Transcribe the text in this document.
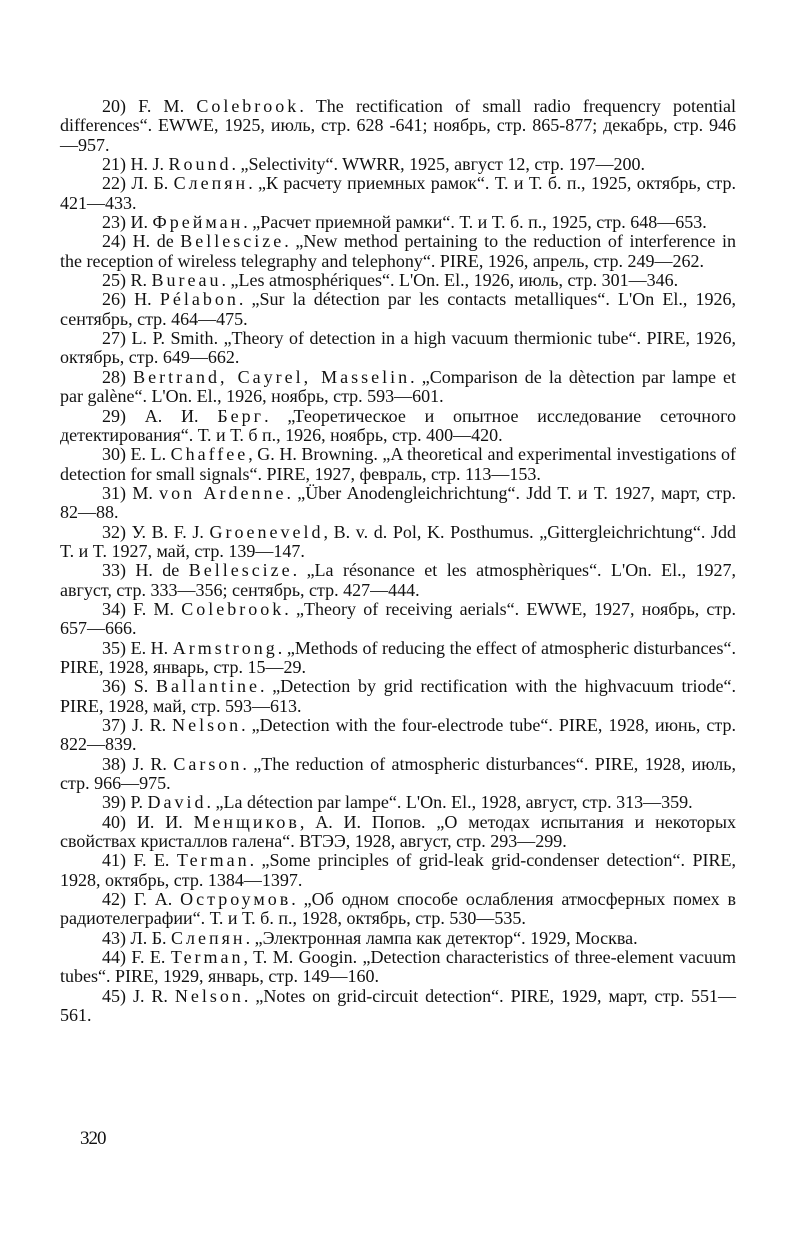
20) F. M. Colebrook. The rectification of small radio frequencry potential differences“. EWWE, 1925, июль, стр. 628 -641; ноябрь, стр. 865-877; декабрь, стр. 946—957.

21) H. J. Round. „Selectivity“. WWRR, 1925, август 12, стр. 197—200.

22) Л. Б. Слепян. „К расчету приемных рамок“. Т. и Т. б. п., 1925, октябрь, стр. 421—433.

23) И. Фрейман. „Расчет приемной рамки“. Т. и Т. б. п., 1925, стр. 648—653.

24) H. de Bellescize. „New method pertaining to the reduction of interference in the reception of wireless telegraphy and telephony“. PIRE, 1926, апрель, стр. 249—262.

25) R. Bureau. „Les atmosphériques“. L'On. El., 1926, июль, стр. 301—346.

26) H. Pélabon. „Sur la détection par les contacts metalliques“. L'On El., 1926, сентябрь, стр. 464—475.

27) L. P. Smith. „Theory of detection in a high vacuum thermionic tube“. PIRE, 1926, октябрь, стр. 649—662.

28) Bertrand, Cayrel, Masselin. „Comparison de la dètection par lampe et par galène“. L'On. El., 1926, ноябрь, стр. 593—601.

29) А. И. Берг. „Теоретическое и опытное исследование сеточного детектирования“. Т. и Т. б п., 1926, ноябрь, стр. 400—420.

30) E. L. Chaffee, G. H. Browning. „A theoretical and experimental investigations of detection for small signals“. PIRE, 1927, февраль, стр. 113—153.

31) M. von Ardenne. „Über Anodengleichrichtung“. Jdd T. и T. 1927, март, стр. 82—88.

32) У. B. F. J. Groeneveld, B. v. d. Pol, K. Posthumus. „Gittergleichrichtung“. Jdd T. и T. 1927, май, стр. 139—147.

33) H. de Bellescize. „La résonance et les atmosphèriques“. L'On. El., 1927, август, стр. 333—356; сентябрь, стр. 427—444.

34) F. M. Colebrook. „Theory of receiving aerials“. EWWE, 1927, ноябрь, стр. 657—666.

35) E. H. Armstrong. „Methods of reducing the effect of atmospheric disturbances“. PIRE, 1928, январь, стр. 15—29.

36) S. Ballantine. „Detection by grid rectification with the highvacuum triode“. PIRE, 1928, май, стр. 593—613.

37) J. R. Nelson. „Detection with the four-electrode tube“. PIRE, 1928, июнь, стр. 822—839.

38) J. R. Carson. „The reduction of atmospheric disturbances“. PIRE, 1928, июль, стр. 966—975.

39) P. David. „La détection par lampe“. L'On. El., 1928, август, стр. 313—359.

40) И. И. Менщиков, А. И. Попов. „О методах испытания и некоторых свойствах кристаллов галена“. ВТЭЭ, 1928, август, стр. 293—299.

41) F. E. Terman. „Some principles of grid-leak grid-condenser detection“. PIRE, 1928, октябрь, стр. 1384—1397.

42) Г. А. Остроумов. „Об одном способе ослабления атмосферных помех в радиотелеграфии“. Т. и Т. б. п., 1928, октябрь, стр. 530—535.

43) Л. Б. Слепян. „Электронная лампа как детектор“. 1929, Москва.

44) F. E. Terman, T. M. Googin. „Detection characteristics of three-element vacuum tubes“. PIRE, 1929, январь, стр. 149—160.

45) J. R. Nelson. „Notes on grid-circuit detection“. PIRE, 1929, март, стр. 551—561.

320
